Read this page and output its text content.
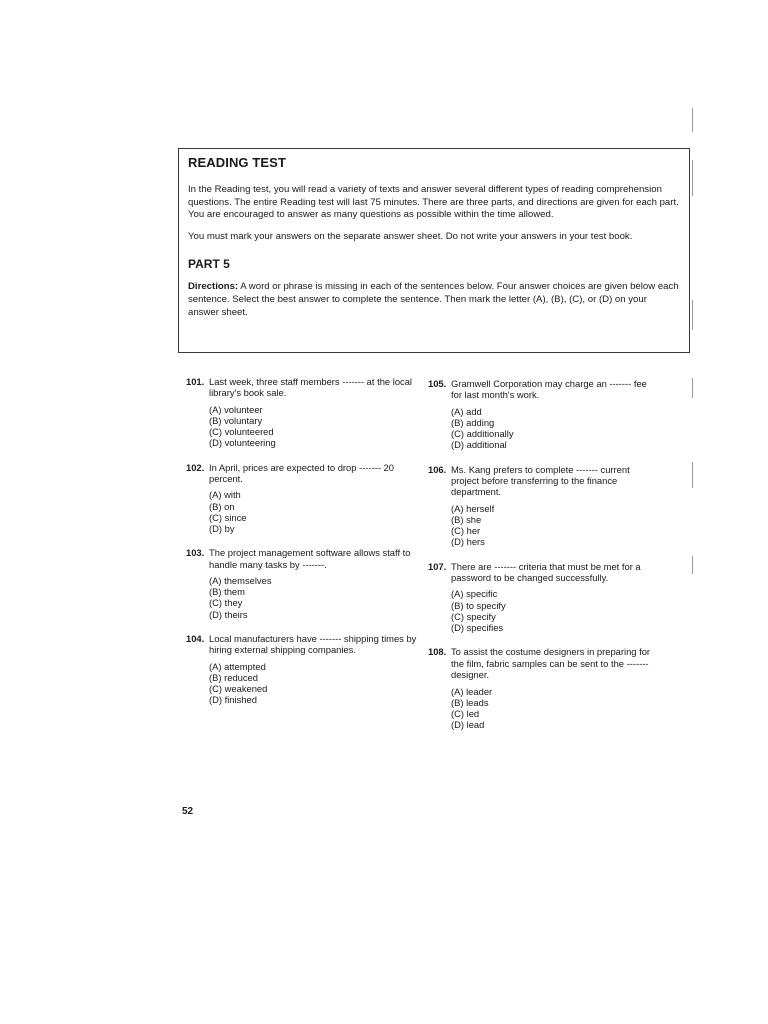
READING TEST

In the Reading test, you will read a variety of texts and answer several different types of reading comprehension questions. The entire Reading test will last 75 minutes. There are three parts, and directions are given for each part. You are encouraged to answer as many questions as possible within the time allowed.

You must mark your answers on the separate answer sheet. Do not write your answers in your test book.

PART 5

Directions: A word or phrase is missing in each of the sentences below. Four answer choices are given below each sentence. Select the best answer to complete the sentence. Then mark the letter (A), (B), (C), or (D) on your answer sheet.

101. Last week, three staff members ------- at the local library's book sale.
(A) volunteer
(B) voluntary
(C) volunteered
(D) volunteering
102. In April, prices are expected to drop ------- 20 percent.
(A) with
(B) on
(C) since
(D) by
103. The project management software allows staff to handle many tasks by -------.
(A) themselves
(B) them
(C) they
(D) theirs
104. Local manufacturers have ------- shipping times by hiring external shipping companies.
(A) attempted
(B) reduced
(C) weakened
(D) finished
105. Gramwell Corporation may charge an ------- fee for last month's work.
(A) add
(B) adding
(C) additionally
(D) additional
106. Ms. Kang prefers to complete ------- current project before transferring to the finance department.
(A) herself
(B) she
(C) her
(D) hers
107. There are ------- criteria that must be met for a password to be changed successfully.
(A) specific
(B) to specify
(C) specify
(D) specifies
108. To assist the costume designers in preparing for the film, fabric samples can be sent to the ------- designer.
(A) leader
(B) leads
(C) led
(D) lead
52
